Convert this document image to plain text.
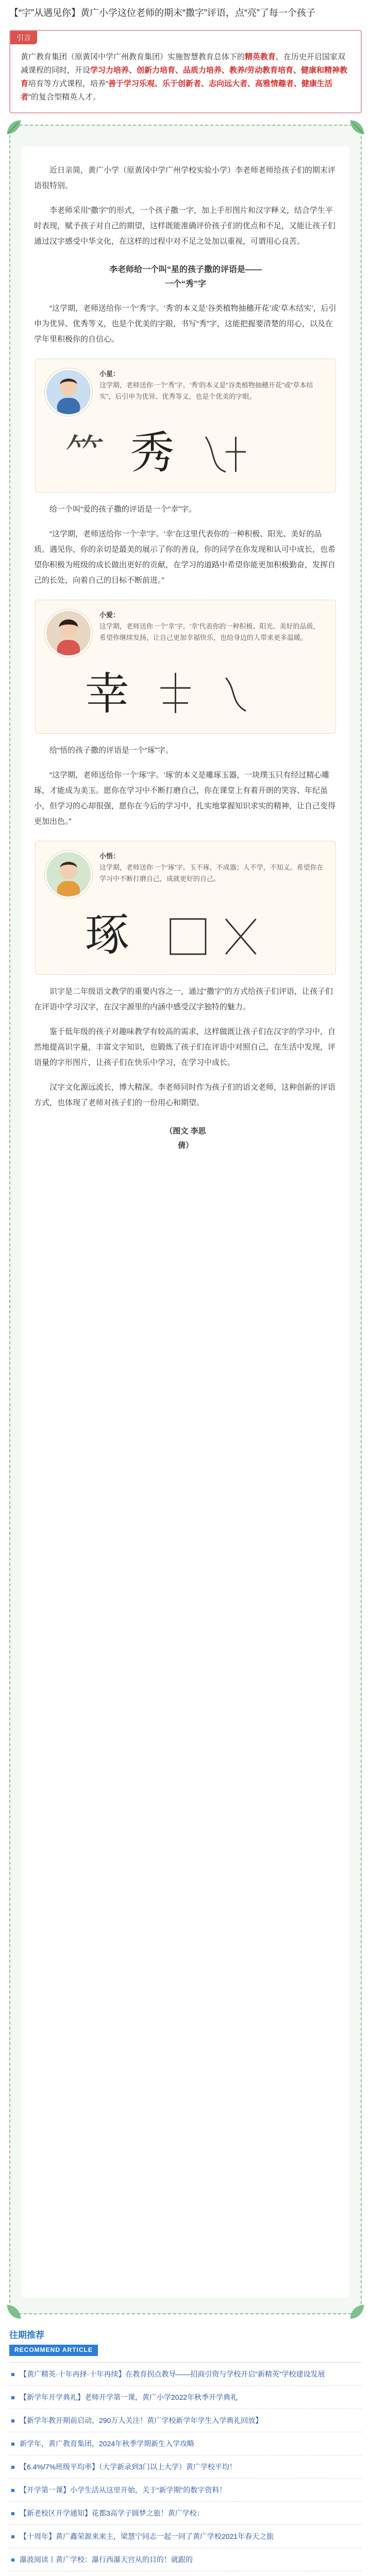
【“字”从遇见你】黄广小学这位老师的期末“撒字”评语，点“亮”了每一个孩子
引言
黄广教育集团（原黄冈中学广州教育集团）实施智慧教育总体下的精英教育，在历史开启国家双减课程的同时，开设学习力培养、创新力培育、品质力培养、教养/劳动教育培育、健康和精神教育培育等方式课程，培养“善于学习乐观、乐于创新者、志向远大者、高雅情趣者、健康生活者”的复合型精英人才。

近日亲简，黄广小学（原黄冈中学广州学校实验小学）李老师老师给孩子们的期末评语很特别。

李老师采用“撒字”的形式，一个孩子撒一字，加上手形图片和汉字释义，结合学生平时表现，赋予孩子对自己的期望，这样既能准确评价孩子们的优点和不足，又能让孩子们通过汉字感受中华文化，在这样的过程中对不足之处加以重视，可谓用心良苦。

李老师给一个叫“星的孩子撒的评语是——
一个“秀”字

“这学期，老师送给你一个‘秀’字。‘秀’的本义是‘谷类植物抽穗开花’或‘草木结实’，后引申为优异、优秀等义，也是个优美的字眼，书写“秀”字，这能把握要清楚的用心，以及在学年里积极你的自信心。

小星：
这学期，老师送你一个‘秀’字。‘秀’的本义是“谷类植物抽穗开花”或“草本结实”，后引申为优异、优秀等义，也是个优美的字眼。
⺮ 秀

给一个叫“爱的孩子撒的评语是一个“幸”字。

“这学期，老师送给你一个‘幸’字。‘幸’在这里代表你的一种积极、阳光、美好的品质。遇见你，你的亲切是最美的展示了你的善良，你的同学在你发现和认可中成长，也希望你积极为班级的成长做出更好的贡献，在学习的道路中希望你能更加积极勤奋，发挥自己的长处，向着自己的目标不断前进。”

小爱：
这学期，老师送你一个‘幸’字。‘幸’代表你的一种积极、阳光、美好的品质，希望你继续发扬，让自己更加幸福快乐，也给身边的人带来更多温暖。
幸

给“悟的孩子撒的评语是一个“琢”字。

“这学期，老师送给你一个‘琢’字。‘琢’的本义是雕琢玉器，一块璞玉只有经过精心雕琢，才能成为美玉。愿你在学习中不断打磨自己，你在课堂上有着开朗的笑容、年纪虽小，但学习的心却很强，愿你在今后的学习中，扎实地掌握知识求实的精神，让自己变得更加出色。”

小悟：
这学期，老师送你一个‘琢’字。玉不琢，不成器；人不学，不知义。希望你在学习中不断打磨自己，成就更好的自己。
琢

识字是二年级语文教学的重要内容之一，通过“撒字”的方式给孩子们评语，让孩子们在评语中学习汉字，在汉字源里的内涵中感受汉字独特的魅力。

鉴于低年级的孩子对趣味教学有较高的需求，这样做既让孩子们在汉字的学习中，自然地提高识字量，丰富文字知识，也锻炼了孩子们在评语中对照自己，在生活中发现，评语量的字形图片，让孩子们在快乐中学习，在学习中成长。

汉字文化源远流长，博大精深。李老师同时作为孩子们的语文老师，这种创新的评语方式，也体现了老师对孩子们的一份用心和期望。

（图文 李思
倩）
往期推荐
RECOMMEND ARTICLE
【黄广精英·十年再择·十年再续】在教育拐点教导——招商引资与学校开启“新精英”学校建设发展
【新学年开学典礼】老师开学第一课，黄广小学2022年秋季开学典礼
【新学年教开期前启动，290万人关注！黄广学校新学年学生入学典礼回放】
新学年，黄广教育集团，2024年秋季学期新生入学攻略
【6.4%/7%班级平均率】（大学新录到3门以上大学）黄广学校平均！
【开学第一课】小学生活从这里开始，关于“新学期”的数字资料！
【新老校区开学通知】花都3高学子圆梦之旅！黄广学校：
【十周年】黄广鑫荣源来来主，梁慧宁同志一起一同了黄广学校2021年春天之旅
瀑波阅读丨黄广学校：瀑行西瀑天宫从的目的！就跟的
